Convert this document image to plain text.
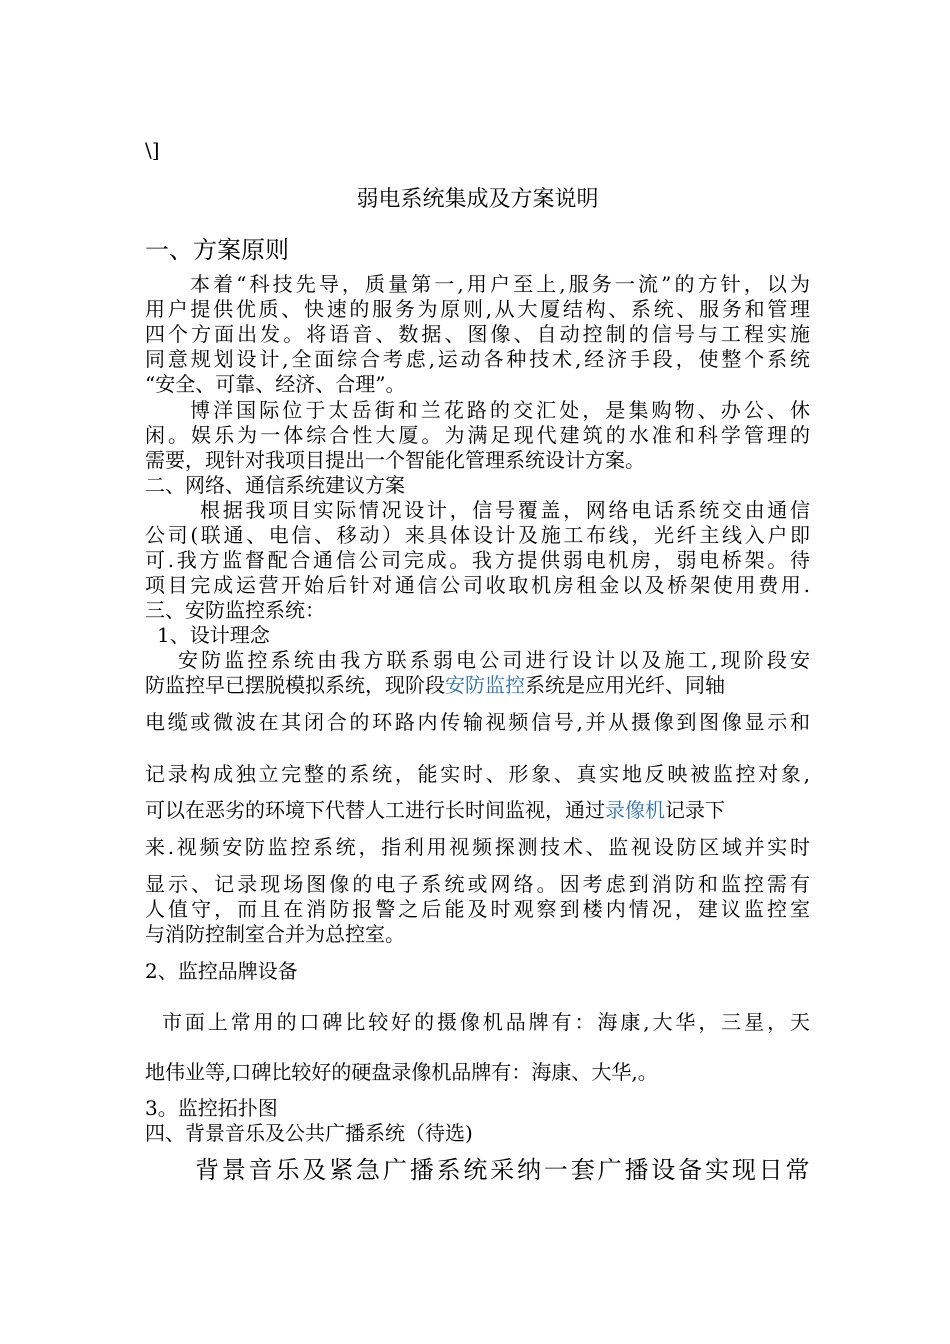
\]
弱电系统集成及方案说明
一、方案原则
本着“科技先导，质量第一,用户至上,服务一流”的方针，以为
用户提供优质、快速的服务为原则,从大厦结构、系统、服务和管理
四个方面出发。将语音、数据、图像、自动控制的信号与工程实施
同意规划设计,全面综合考虑,运动各种技术,经济手段，使整个系统
“安全、可靠、经济、合理”。
博洋国际位于太岳街和兰花路的交汇处，是集购物、办公、休
闲。娱乐为一体综合性大厦。为满足现代建筑的水准和科学管理的
需要，现针对我项目提出一个智能化管理系统设计方案。
二、网络、通信系统建议方案
根据我项目实际情况设计，信号覆盖，网络电话系统交由通信
公司(联通、电信、移动）来具体设计及施工布线，光纤主线入户即
可.我方监督配合通信公司完成。我方提供弱电机房，弱电桥架。待
项目完成运营开始后针对通信公司收取机房租金以及桥架使用费用.
三、安防监控系统：
1、设计理念
安防监控系统由我方联系弱电公司进行设计以及施工,现阶段安
防监控早已摆脱模拟系统，现阶段安防监控系统是应用光纤、同轴
电缆或微波在其闭合的环路内传输视频信号,并从摄像到图像显示和
记录构成独立完整的系统，能实时、形象、真实地反映被监控对象,
可以在恶劣的环境下代替人工进行长时间监视，通过录像机记录下
来.视频安防监控系统，指利用视频探测技术、监视设防区域并实时
显示、记录现场图像的电子系统或网络。因考虑到消防和监控需有
人值守，而且在消防报警之后能及时观察到楼内情况，建议监控室
与消防控制室合并为总控室。
2、监控品牌设备
市面上常用的口碑比较好的摄像机品牌有：海康,大华，三星，天
地伟业等,口碑比较好的硬盘录像机品牌有：海康、大华,。
3。监控拓扑图
四、背景音乐及公共广播系统（待选)
背景音乐及紧急广播系统采纳一套广播设备实现日常
